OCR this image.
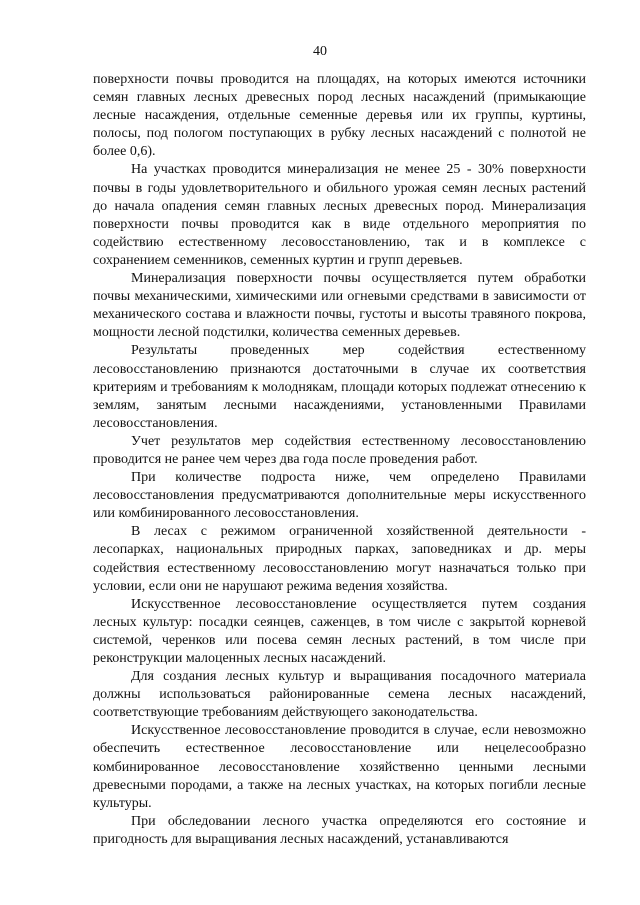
40

поверхности почвы проводится на площадях, на которых имеются источники семян главных лесных древесных пород лесных насаждений (примыкающие лесные насаждения, отдельные семенные деревья или их группы, куртины, полосы, под пологом поступающих в рубку лесных насаждений с полнотой не более 0,6).

На участках проводится минерализация не менее 25 - 30% поверхности почвы в годы удовлетворительного и обильного урожая семян лесных растений до начала опадения семян главных лесных древесных пород. Минерализация поверхности почвы проводится как в виде отдельного мероприятия по содействию естественному лесовосстановлению, так и в комплексе с сохранением семенников, семенных куртин и групп деревьев.

Минерализация поверхности почвы осуществляется путем обработки почвы механическими, химическими или огневыми средствами в зависимости от механического состава и влажности почвы, густоты и высоты травяного покрова, мощности лесной подстилки, количества семенных деревьев.

Результаты проведенных мер содействия естественному лесовосстановлению признаются достаточными в случае их соответствия критериям и требованиям к молоднякам, площади которых подлежат отнесению к землям, занятым лесными насаждениями, установленными Правилами лесовосстановления.

Учет результатов мер содействия естественному лесовосстановлению проводится не ранее чем через два года после проведения работ.

При количестве подроста ниже, чем определено Правилами лесовосстановления предусматриваются дополнительные меры искусственного или комбинированного лесовосстановления.

В лесах с режимом ограниченной хозяйственной деятельности - лесопарках, национальных природных парках, заповедниках и др. меры содействия естественному лесовосстановлению могут назначаться только при условии, если они не нарушают режима ведения хозяйства.

Искусственное лесовосстановление осуществляется путем создания лесных культур: посадки сеянцев, саженцев, в том числе с закрытой корневой системой, черенков или посева семян лесных растений, в том числе при реконструкции малоценных лесных насаждений.

Для создания лесных культур и выращивания посадочного материала должны использоваться районированные семена лесных насаждений, соответствующие требованиям действующего законодательства.

Искусственное лесовосстановление проводится в случае, если невозможно обеспечить естественное лесовосстановление или нецелесообразно комбинированное лесовосстановление хозяйственно ценными лесными древесными породами, а также на лесных участках, на которых погибли лесные культуры.

При обследовании лесного участка определяются его состояние и пригодность для выращивания лесных насаждений, устанавливаются
